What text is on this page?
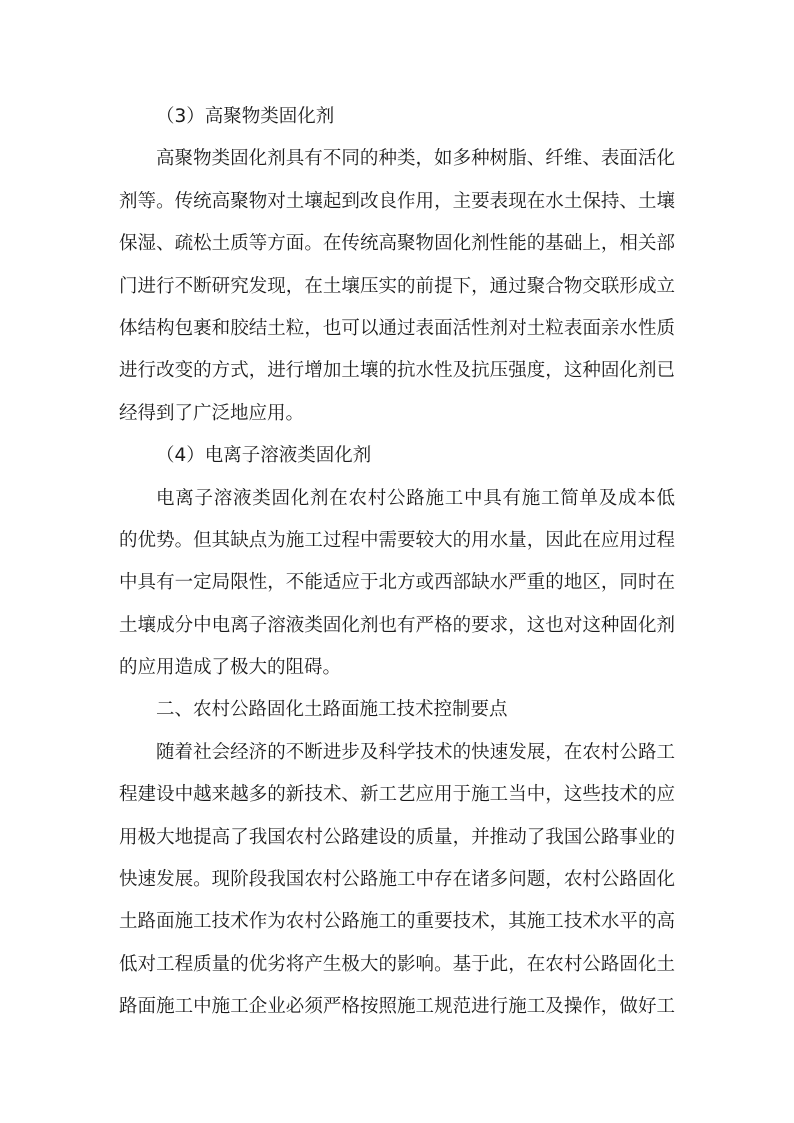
（3）高聚物类固化剂
高聚物类固化剂具有不同的种类，如多种树脂、纤维、表面活化
剂等。传统高聚物对土壤起到改良作用，主要表现在水土保持、土壤
保湿、疏松土质等方面。在传统高聚物固化剂性能的基础上，相关部
门进行不断研究发现，在土壤压实的前提下，通过聚合物交联形成立
体结构包裹和胶结土粒，也可以通过表面活性剂对土粒表面亲水性质
进行改变的方式，进行增加土壤的抗水性及抗压强度，这种固化剂已
经得到了广泛地应用。
（4）电离子溶液类固化剂
电离子溶液类固化剂在农村公路施工中具有施工简单及成本低
的优势。但其缺点为施工过程中需要较大的用水量，因此在应用过程
中具有一定局限性，不能适应于北方或西部缺水严重的地区，同时在
土壤成分中电离子溶液类固化剂也有严格的要求，这也对这种固化剂
的应用造成了极大的阻碍。
二、农村公路固化土路面施工技术控制要点
随着社会经济的不断进步及科学技术的快速发展，在农村公路工
程建设中越来越多的新技术、新工艺应用于施工当中，这些技术的应
用极大地提高了我国农村公路建设的质量，并推动了我国公路事业的
快速发展。现阶段我国农村公路施工中存在诸多问题，农村公路固化
土路面施工技术作为农村公路施工的重要技术，其施工技术水平的高
低对工程质量的优劣将产生极大的影响。基于此，在农村公路固化土
路面施工中施工企业必须严格按照施工规范进行施工及操作，做好工
